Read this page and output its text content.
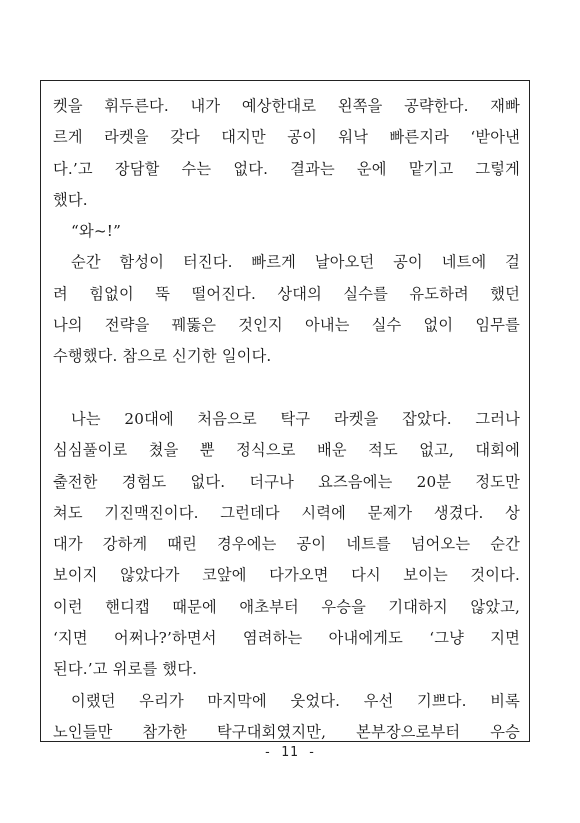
켓을 휘두른다. 내가 예상한대로 왼쪽을 공략한다. 재빠
르게 라켓을 갖다 대지만 공이 워낙 빠른지라 ‘받아낸
다.’고 장담할 수는 없다. 결과는 운에 맡기고 그렇게
했다.
“와~!”
순간 함성이 터진다. 빠르게 날아오던 공이 네트에 걸
려 힘없이 뚝 떨어진다. 상대의 실수를 유도하려 했던
나의 전략을 꿰뚫은 것인지 아내는 실수 없이 임무를
수행했다. 참으로 신기한 일이다.
나는 20대에 처음으로 탁구 라켓을 잡았다. 그러나
심심풀이로 쳤을 뿐 정식으로 배운 적도 없고, 대회에
출전한 경험도 없다. 더구나 요즈음에는 20분 정도만
쳐도 기진맥진이다. 그런데다 시력에 문제가 생겼다. 상
대가 강하게 때린 경우에는 공이 네트를 넘어오는 순간
보이지 않았다가 코앞에 다가오면 다시 보이는 것이다.
이런 핸디캡 때문에 애초부터 우승을 기대하지 않았고,
‘지면 어쩌나?’하면서 염려하는 아내에게도 ‘그냥 지면
된다.’고 위로를 했다.
이랬던 우리가 마지막에 웃었다. 우선 기쁘다. 비록
노인들만 참가한 탁구대회였지만, 본부장으로부터 우승
- 11 -
